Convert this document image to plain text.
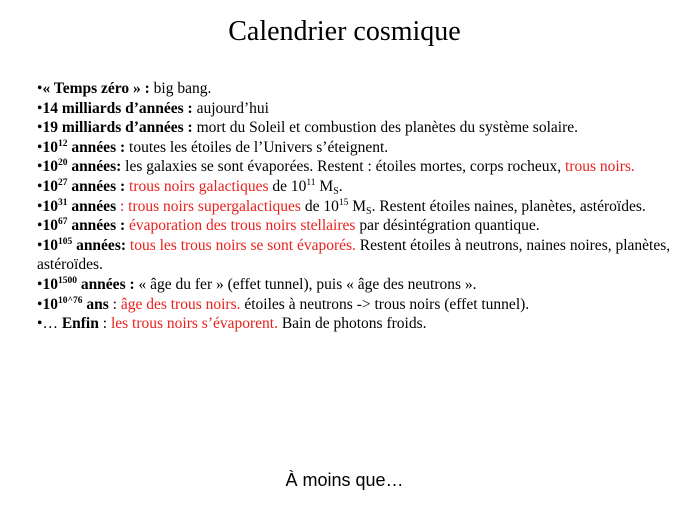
Calendrier cosmique

•« Temps zéro » : big bang.

•14 milliards d’années : aujourd’hui

•19 milliards d’années : mort du Soleil et combustion des planètes du système solaire.

$•10^{12}$ années : toutes les étoiles de l’Univers s’éteignent.

$•10^{20}$ années: les galaxies se sont évaporées. Restent : étoiles mortes, corps rocheux, trous noirs.

$•10^{27}$ années : trous noirs galactiques de $10^{11}$ $M_S$.

$•10^{31}$ années : trous noirs supergalactiques de $10^{15}$ $M_S$. Restent étoiles naines, planètes, astéroïdes.

$•10^{67}$ années : évaporation des trous noirs stellaires par désintégration quantique.

$•10^{105}$ années: tous les trous noirs se sont évaporés. Restent étoiles à neutrons, naines noires, planètes, astéroïdes.

$•10^{1500}$ années : « âge du fer » (effet tunnel), puis « âge des neutrons ».

$•10^{10\^{}76}$ ans : âge des trous noirs. étoiles à neutrons -> trous noirs (effet tunnel).

•… Enfin : les trous noirs s’évaporent. Bain de photons froids.

À moins que…
